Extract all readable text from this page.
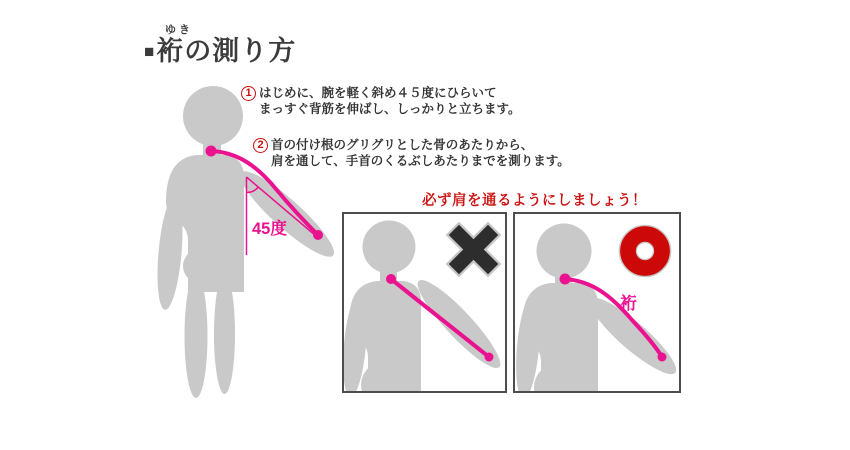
45度
裄
ゆき
■ 裄の測り方
1 はじめに、腕を軽く斜め４５度にひらいて
まっすぐ背筋を伸ばし、しっかりと立ちます。
2 首の付け根のグリグリとした骨のあたりから、
肩を通して、手首のくるぶしあたりまでを測ります。
必ず肩を通るようにしましょう！
